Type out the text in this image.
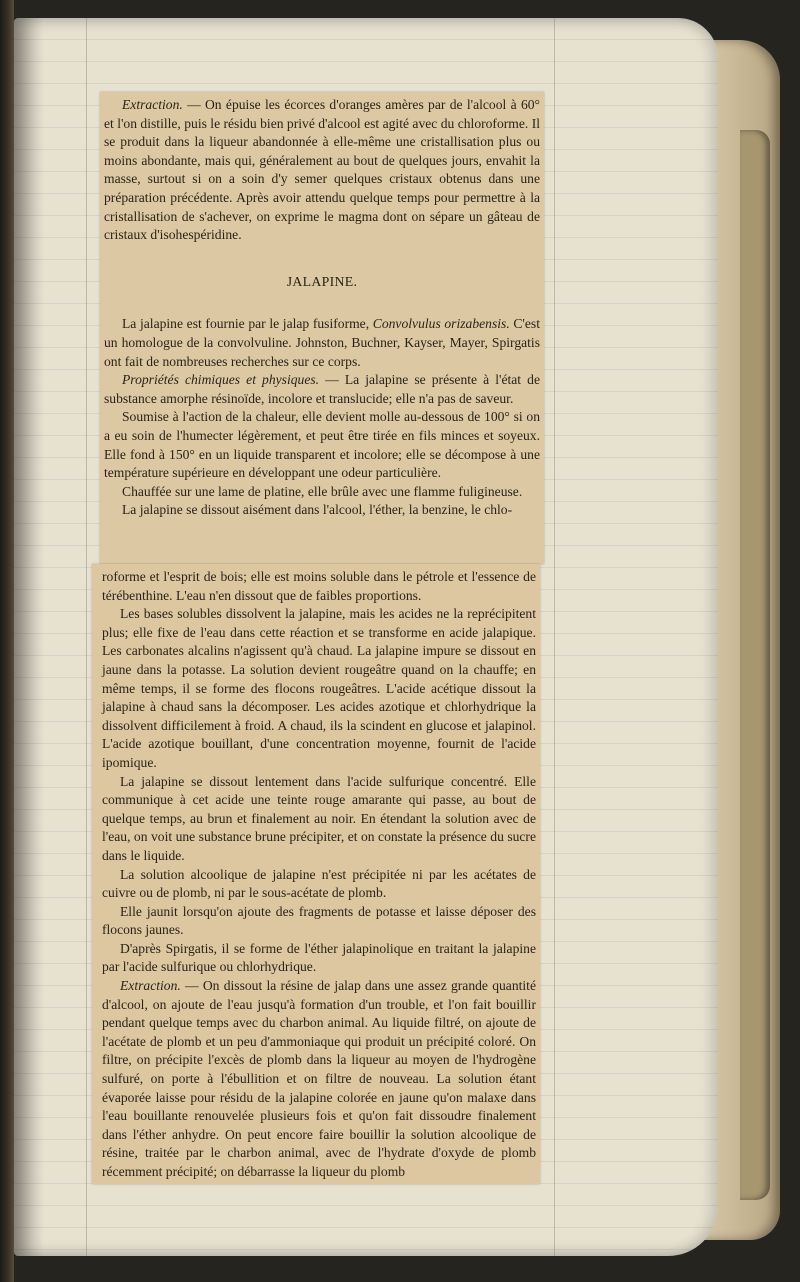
Extraction. — On épuise les écorces d'oranges amères par de l'alcool à 60° et l'on distille, puis le résidu bien privé d'alcool est agité avec du chloroforme. Il se produit dans la liqueur abandonnée à elle-même une cristallisation plus ou moins abondante, mais qui, généralement au bout de quelques jours, envahit la masse, surtout si on a soin d'y semer quelques cristaux obtenus dans une préparation précédente. Après avoir attendu quelque temps pour permettre à la cristallisation de s'achever, on exprime le magma dont on sépare un gâteau de cristaux d'isohespéridine.

JALAPINE.

La jalapine est fournie par le jalap fusiforme, Convolvulus orizabensis. C'est un homologue de la convolvuline. Johnston, Buchner, Kayser, Mayer, Spirgatis ont fait de nombreuses recherches sur ce corps.

Propriétés chimiques et physiques. — La jalapine se présente à l'état de substance amorphe résinoïde, incolore et translucide; elle n'a pas de saveur.

Soumise à l'action de la chaleur, elle devient molle au-dessous de 100° si on a eu soin de l'humecter légèrement, et peut être tirée en fils minces et soyeux. Elle fond à 150° en un liquide transparent et incolore; elle se décompose à une température supérieure en développant une odeur particulière.

Chauffée sur une lame de platine, elle brûle avec une flamme fuligineuse.

La jalapine se dissout aisément dans l'alcool, l'éther, la benzine, le chlo-

roforme et l'esprit de bois; elle est moins soluble dans le pétrole et l'essence de térébenthine. L'eau n'en dissout que de faibles proportions.

Les bases solubles dissolvent la jalapine, mais les acides ne la reprécipitent plus; elle fixe de l'eau dans cette réaction et se transforme en acide jalapique. Les carbonates alcalins n'agissent qu'à chaud. La jalapine impure se dissout en jaune dans la potasse. La solution devient rougeâtre quand on la chauffe; en même temps, il se forme des flocons rougeâtres. L'acide acétique dissout la jalapine à chaud sans la décomposer. Les acides azotique et chlorhydrique la dissolvent difficilement à froid. A chaud, ils la scindent en glucose et jalapinol. L'acide azotique bouillant, d'une concentration moyenne, fournit de l'acide ipomique.

La jalapine se dissout lentement dans l'acide sulfurique concentré. Elle communique à cet acide une teinte rouge amarante qui passe, au bout de quelque temps, au brun et finalement au noir. En étendant la solution avec de l'eau, on voit une substance brune précipiter, et on constate la présence du sucre dans le liquide.

La solution alcoolique de jalapine n'est précipitée ni par les acétates de cuivre ou de plomb, ni par le sous-acétate de plomb.

Elle jaunit lorsqu'on ajoute des fragments de potasse et laisse déposer des flocons jaunes.

D'après Spirgatis, il se forme de l'éther jalapinolique en traitant la jalapine par l'acide sulfurique ou chlorhydrique.

Extraction. — On dissout la résine de jalap dans une assez grande quantité d'alcool, on ajoute de l'eau jusqu'à formation d'un trouble, et l'on fait bouillir pendant quelque temps avec du charbon animal. Au liquide filtré, on ajoute de l'acétate de plomb et un peu d'ammoniaque qui produit un précipité coloré. On filtre, on précipite l'excès de plomb dans la liqueur au moyen de l'hydrogène sulfuré, on porte à l'ébullition et on filtre de nouveau. La solution étant évaporée laisse pour résidu de la jalapine colorée en jaune qu'on malaxe dans l'eau bouillante renouvelée plusieurs fois et qu'on fait dissoudre finalement dans l'éther anhydre. On peut encore faire bouillir la solution alcoolique de résine, traitée par le charbon animal, avec de l'hydrate d'oxyde de plomb récemment précipité; on débarrasse la liqueur du plomb
